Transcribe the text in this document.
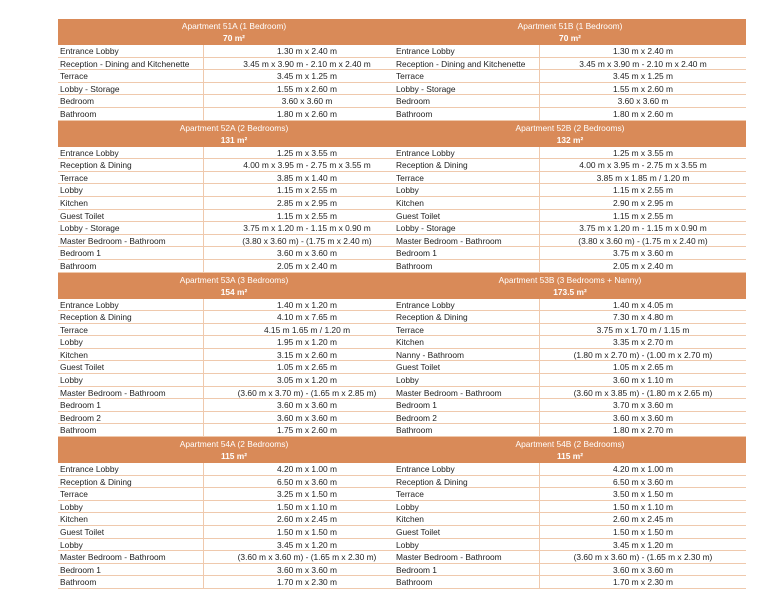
Apartment 51A (1 Bedroom)
70 m²
Entrance Lobby	1.30 m x 2.40 m
Reception - Dining and Kitchenette	3.45 m x 3.90 m - 2.10 m x 2.40 m
Terrace	3.45 m x 1.25 m
Lobby - Storage	1.55 m x 2.60 m
Bedroom	3.60 x 3.60 m
Bathroom	1.80 m x 2.60 m
Apartment 52A (2 Bedrooms)
131 m²
Entrance Lobby	1.25 m x 3.55 m
Reception & Dining	4.00 m x 3.95 m - 2.75 m x 3.55 m
Terrace	3.85 m x 1.40 m
Lobby	1.15 m x 2.55 m
Kitchen	2.85 m x 2.95 m
Guest Toilet	1.15 m x 2.55 m
Lobby - Storage	3.75 m x 1.20 m - 1.15 m x 0.90 m
Master Bedroom - Bathroom	(3.80 x 3.60 m) - (1.75 m x 2.40 m)
Bedroom 1	3.60 m x 3.60 m
Bathroom	2.05 m x 2.40 m
Apartment 53A (3 Bedrooms)
154 m²
Entrance Lobby	1.40 m x 1.20 m
Reception & Dining	4.10 m x 7.65 m
Terrace	4.15 m 1.65 m / 1.20 m
Lobby	1.95 m x 1.20 m
Kitchen	3.15 m x 2.60 m
Guest Toilet	1.05 m x 2.65 m
Lobby	3.05 m x 1.20 m
Master Bedroom - Bathroom	(3.60 m x 3.70 m) - (1.65 m x 2.85 m)
Bedroom 1	3.60 m x 3.60 m
Bedroom 2	3.60 m x 3.60 m
Bathroom	1.75 m x 2.60 m
Apartment 54A (2 Bedrooms)
115 m²
Entrance Lobby	4.20 m x 1.00 m
Reception & Dining	6.50 m x 3.60 m
Terrace	3.25 m x 1.50 m
Lobby	1.50 m x 1.10 m
Kitchen	2.60 m x 2.45 m
Guest Toilet	1.50 m x 1.50 m
Lobby	3.45 m x 1.20 m
Master Bedroom - Bathroom	(3.60 m x 3.60 m) - (1.65 m x 2.30 m)
Bedroom 1	3.60 m x 3.60 m
Bathroom	1.70 m x 2.30 m
Apartment 51B (1 Bedroom)
70 m²
Entrance Lobby	1.30 m x 2.40 m
Reception - Dining and Kitchenette	3.45 m x 3.90 m - 2.10 m x 2.40 m
Terrace	3.45 m x 1.25 m
Lobby - Storage	1.55 m x 2.60 m
Bedroom	3.60 x 3.60 m
Bathroom	1.80 m x 2.60 m
Apartment 52B (2 Bedrooms)
132 m²
Entrance Lobby	1.25 m x 3.55 m
Reception & Dining	4.00 m x 3.95 m - 2.75 m x 3.55 m
Terrace	3.85 m x 1.85 m / 1.20 m
Lobby	1.15 m x 2.55 m
Kitchen	2.90 m x 2.95 m
Guest Toilet	1.15 m x 2.55 m
Lobby - Storage	3.75 m x 1.20 m - 1.15 m x 0.90 m
Master Bedroom - Bathroom	(3.80 x 3.60 m) - (1.75 m x 2.40 m)
Bedroom 1	3.75 m x 3.60 m
Bathroom	2.05 m x 2.40 m
Apartment 53B (3 Bedrooms + Nanny)
173.5 m²
Entrance Lobby	1.40 m x 4.05 m
Reception & Dining	7.30 m x 4.80 m
Terrace	3.75 m x 1.70 m / 1.15 m
Kitchen	3.35 m x 2.70 m
Nanny - Bathroom	(1.80 m x 2.70 m) - (1.00 m x 2.70 m)
Guest Toilet	1.05 m x 2.65 m
Lobby	3.60 m x 1.10 m
Master Bedroom - Bathroom	(3.60 m x 3.85 m) - (1.80 m x 2.65 m)
Bedroom 1	3.70 m x 3.60 m
Bedroom 2	3.60 m x 3.60 m
Bathroom	1.80 m x 2.70 m
Apartment 54B (2 Bedrooms)
115 m²
Entrance Lobby	4.20 m x 1.00 m
Reception & Dining	6.50 m x 3.60 m
Terrace	3.50 m x 1.50 m
Lobby	1.50 m x 1.10 m
Kitchen	2.60 m x 2.45 m
Guest Toilet	1.50 m x 1.50 m
Lobby	3.45 m x 1.20 m
Master Bedroom - Bathroom	(3.60 m x 3.60 m) - (1.65 m x 2.30 m)
Bedroom 1	3.60 m x 3.60 m
Bathroom	1.70 m x 2.30 m
